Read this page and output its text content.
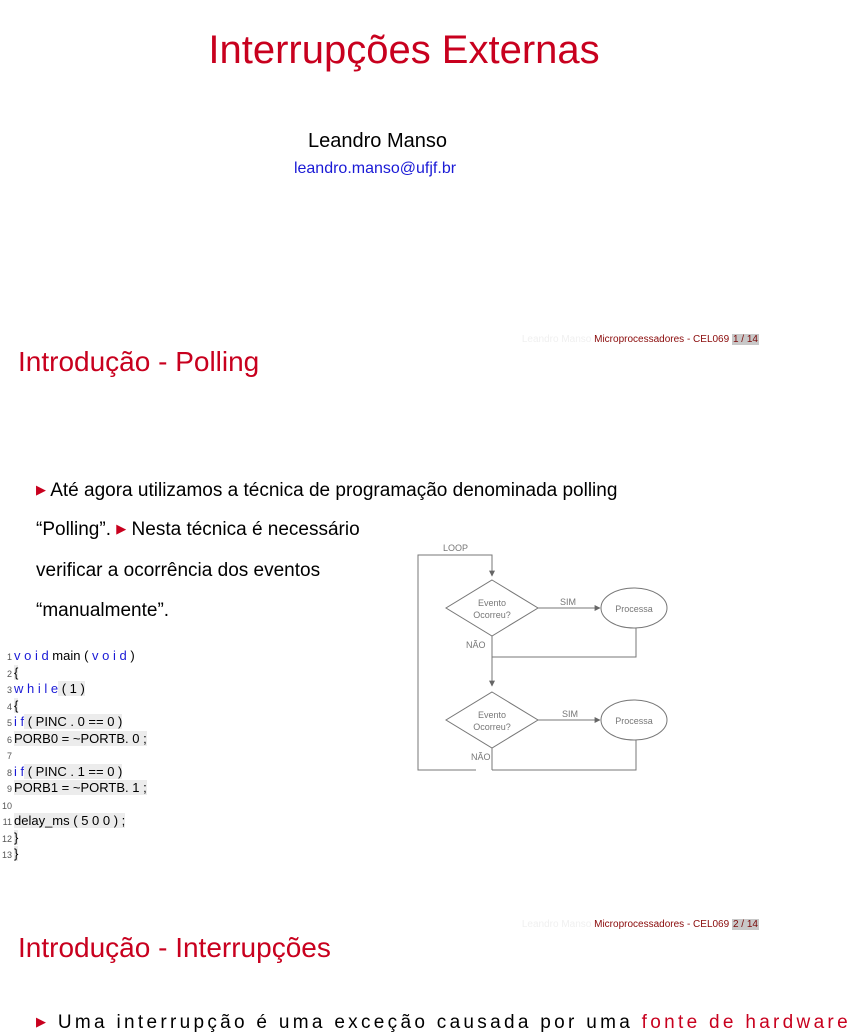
Interrupções Externas
Leandro Manso
leandro.manso@ufjf.br
Leandro Manso Microprocessadores - CEL069 1 / 14
Introdução - Polling
▶ Até agora utilizamos a técnica de programação denominada polling
“Polling”. ▶ Nesta técnica é necessário
verificar a ocorrência dos eventos
“manualmente”.
1 v o i d main ( v o i d )
2 {
3 w h i l e ( 1 )
4 {
5 i f ( PINC . 0 == 0 )
6 PORB0 = ~PORTB. 0 ;
7
8 i f ( PINC . 1 == 0 )
9 PORB1 = ~PORTB. 1 ;
10
11 delay_ms ( 5 0 0 ) ;
12 }
13 }
LOOP
Evento
Ocorreu?
SIM
Processa
NÃO
Evento
Ocorreu?
SIM
Processa
NÃO
Leandro Manso Microprocessadores - CEL069 2 / 14
Introdução - Interrupções
▶ Uma interrupção é uma exceção causada por uma fonte de hardware
